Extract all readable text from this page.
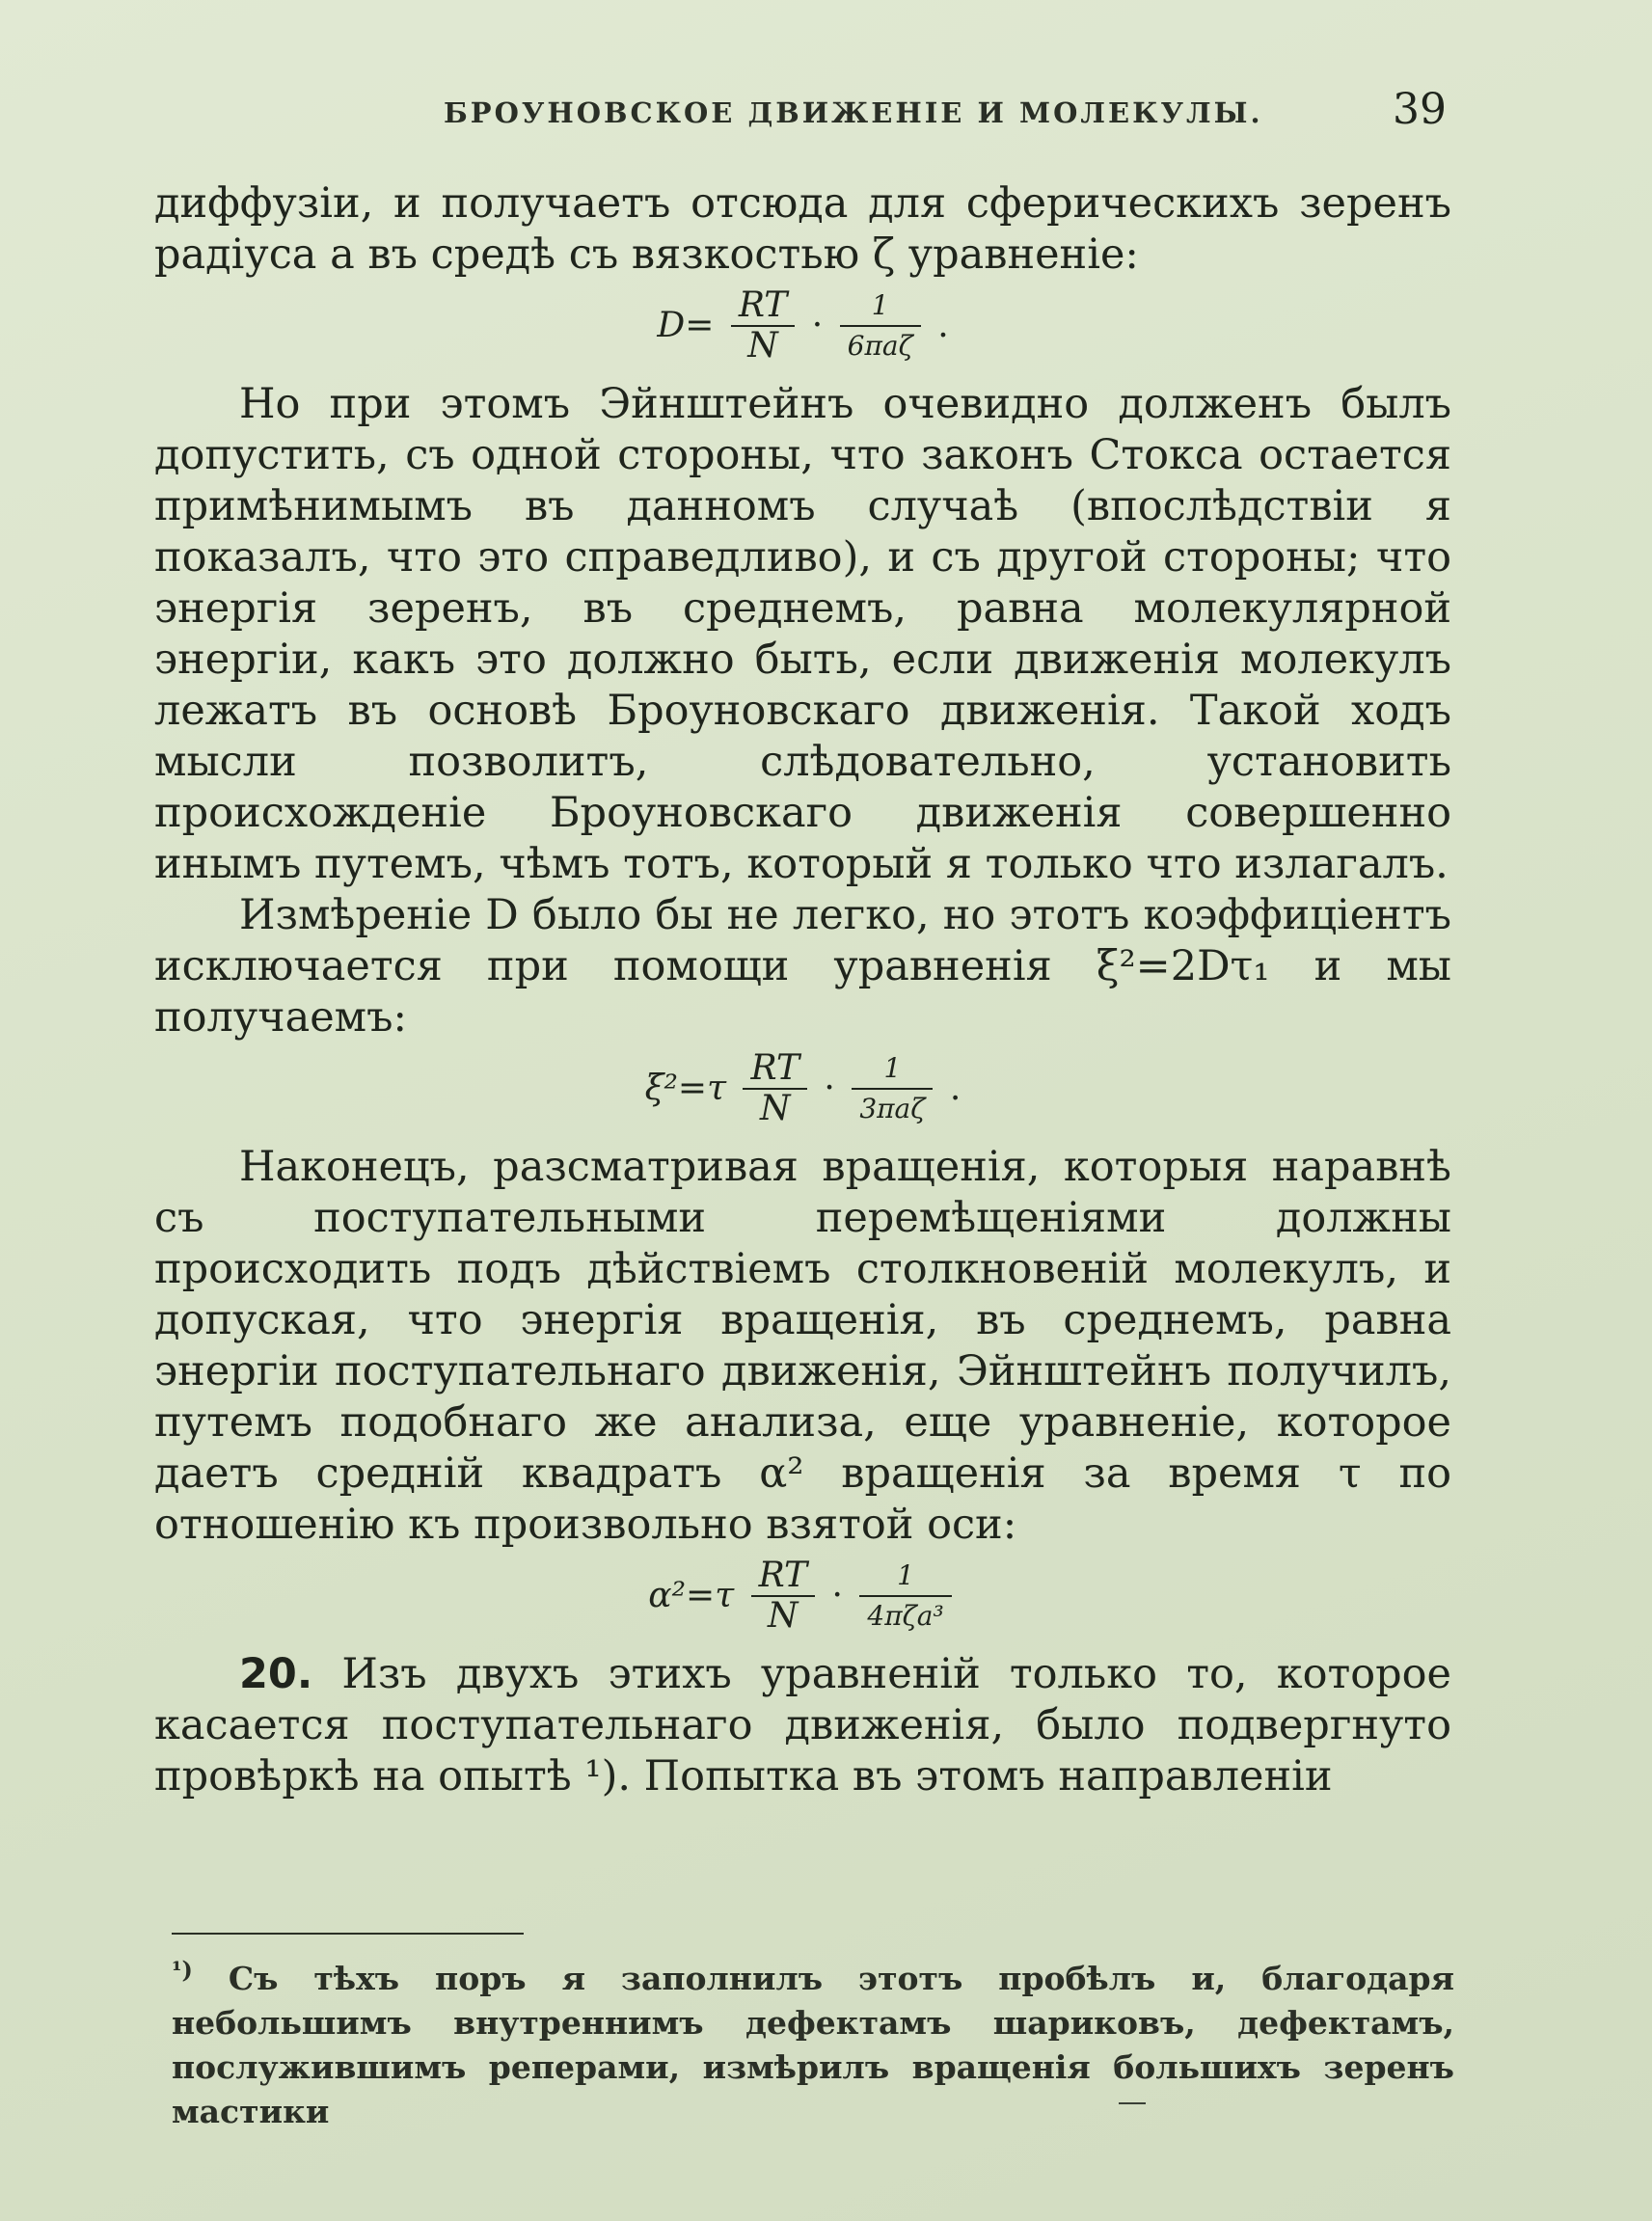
БРОУНОВСКОЕ ДВИЖЕНІЕ И МОЛЕКУЛЫ.	39

диффузіи, и получаетъ отсюда для сферическихъ зеренъ радіуса a въ средѣ съ вязкостью ζ уравненіе:

$D= \frac{RT}{N} \cdot \frac{1}{\text{6πaζ}}$ .

Но при этомъ Эйнштейнъ очевидно долженъ былъ допустить, съ одной стороны, что законъ Стокса остается примѣнимымъ въ данномъ случаѣ (впослѣдствіи я показалъ, что это справедливо), и съ другой стороны; что энергія зеренъ, въ среднемъ, равна молекулярной энергіи, какъ это должно быть, если движенія молекулъ лежатъ въ основѣ Броуновскаго движенія. Такой ходъ мысли позволитъ, слѣдовательно, установить происхожденіе Броуновскаго движенія совершенно инымъ путемъ, чѣмъ тотъ, который я только что излагалъ.

Измѣреніе D было бы не легко, но этотъ коэффиціентъ исключается при помощи уравненія ξ²=2Dτ₁ и мы получаемъ:

$\xi^2=\tau \frac{RT}{N} \cdot \frac{1}{\text{3πaζ}}$ .

Наконецъ, разсматривая вращенія, которыя наравнѣ съ поступательными перемѣщеніями должны происходить подъ дѣйствіемъ столкновеній молекулъ, и допуская, что энергія вращенія, въ среднемъ, равна энергіи поступательнаго движенія, Эйнштейнъ получилъ, путемъ подобнаго же анализа, еще уравненіе, которое даетъ средній квадратъ α² вращенія за время τ по отношенію къ произвольно взятой оси:

$\alpha^2=\tau \frac{RT}{N} \cdot \frac{1}{\text{4πζa³}}$

20. Изъ двухъ этихъ уравненій только то, которое касается поступательнаго движенія, было подвергнуто провѣркѣ на опытѣ ¹). Попытка въ этомъ направленіи

$^{^1)}$ Съ тѣхъ поръ я заполнилъ этотъ пробѣлъ и, благодаря небольшимъ внутреннимъ дефектамъ шариковъ, дефектамъ, послужившимъ реперами, измѣрилъ вращенія большихъ зеренъ мастики
